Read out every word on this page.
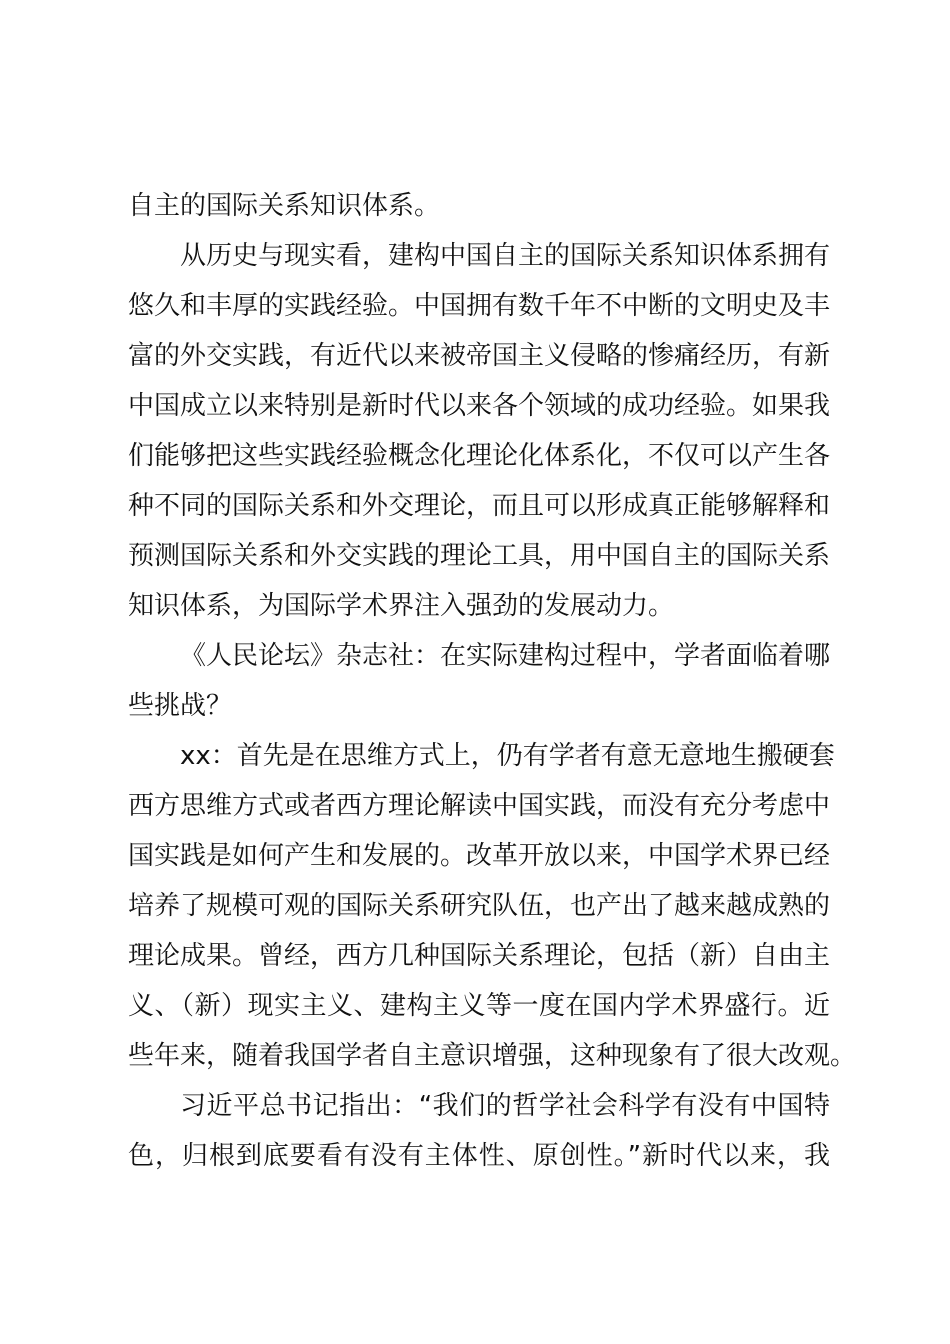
自主的国际关系知识体系。
从历史与现实看，建构中国自主的国际关系知识体系拥有
悠久和丰厚的实践经验。中国拥有数千年不中断的文明史及丰
富的外交实践，有近代以来被帝国主义侵略的惨痛经历，有新
中国成立以来特别是新时代以来各个领域的成功经验。如果我
们能够把这些实践经验概念化理论化体系化，不仅可以产生各
种不同的国际关系和外交理论，而且可以形成真正能够解释和
预测国际关系和外交实践的理论工具，用中国自主的国际关系
知识体系，为国际学术界注入强劲的发展动力。
《人民论坛》杂志社：在实际建构过程中，学者面临着哪
些挑战？
xx：首先是在思维方式上，仍有学者有意无意地生搬硬套
西方思维方式或者西方理论解读中国实践，而没有充分考虑中
国实践是如何产生和发展的。改革开放以来，中国学术界已经
培养了规模可观的国际关系研究队伍，也产出了越来越成熟的
理论成果。曾经，西方几种国际关系理论，包括（新）自由主
义、（新）现实主义、建构主义等一度在国内学术界盛行。近
些年来，随着我国学者自主意识增强，这种现象有了很大改观。
习近平总书记指出：“我们的哲学社会科学有没有中国特
色，归根到底要看有没有主体性、原创性。”新时代以来，我
